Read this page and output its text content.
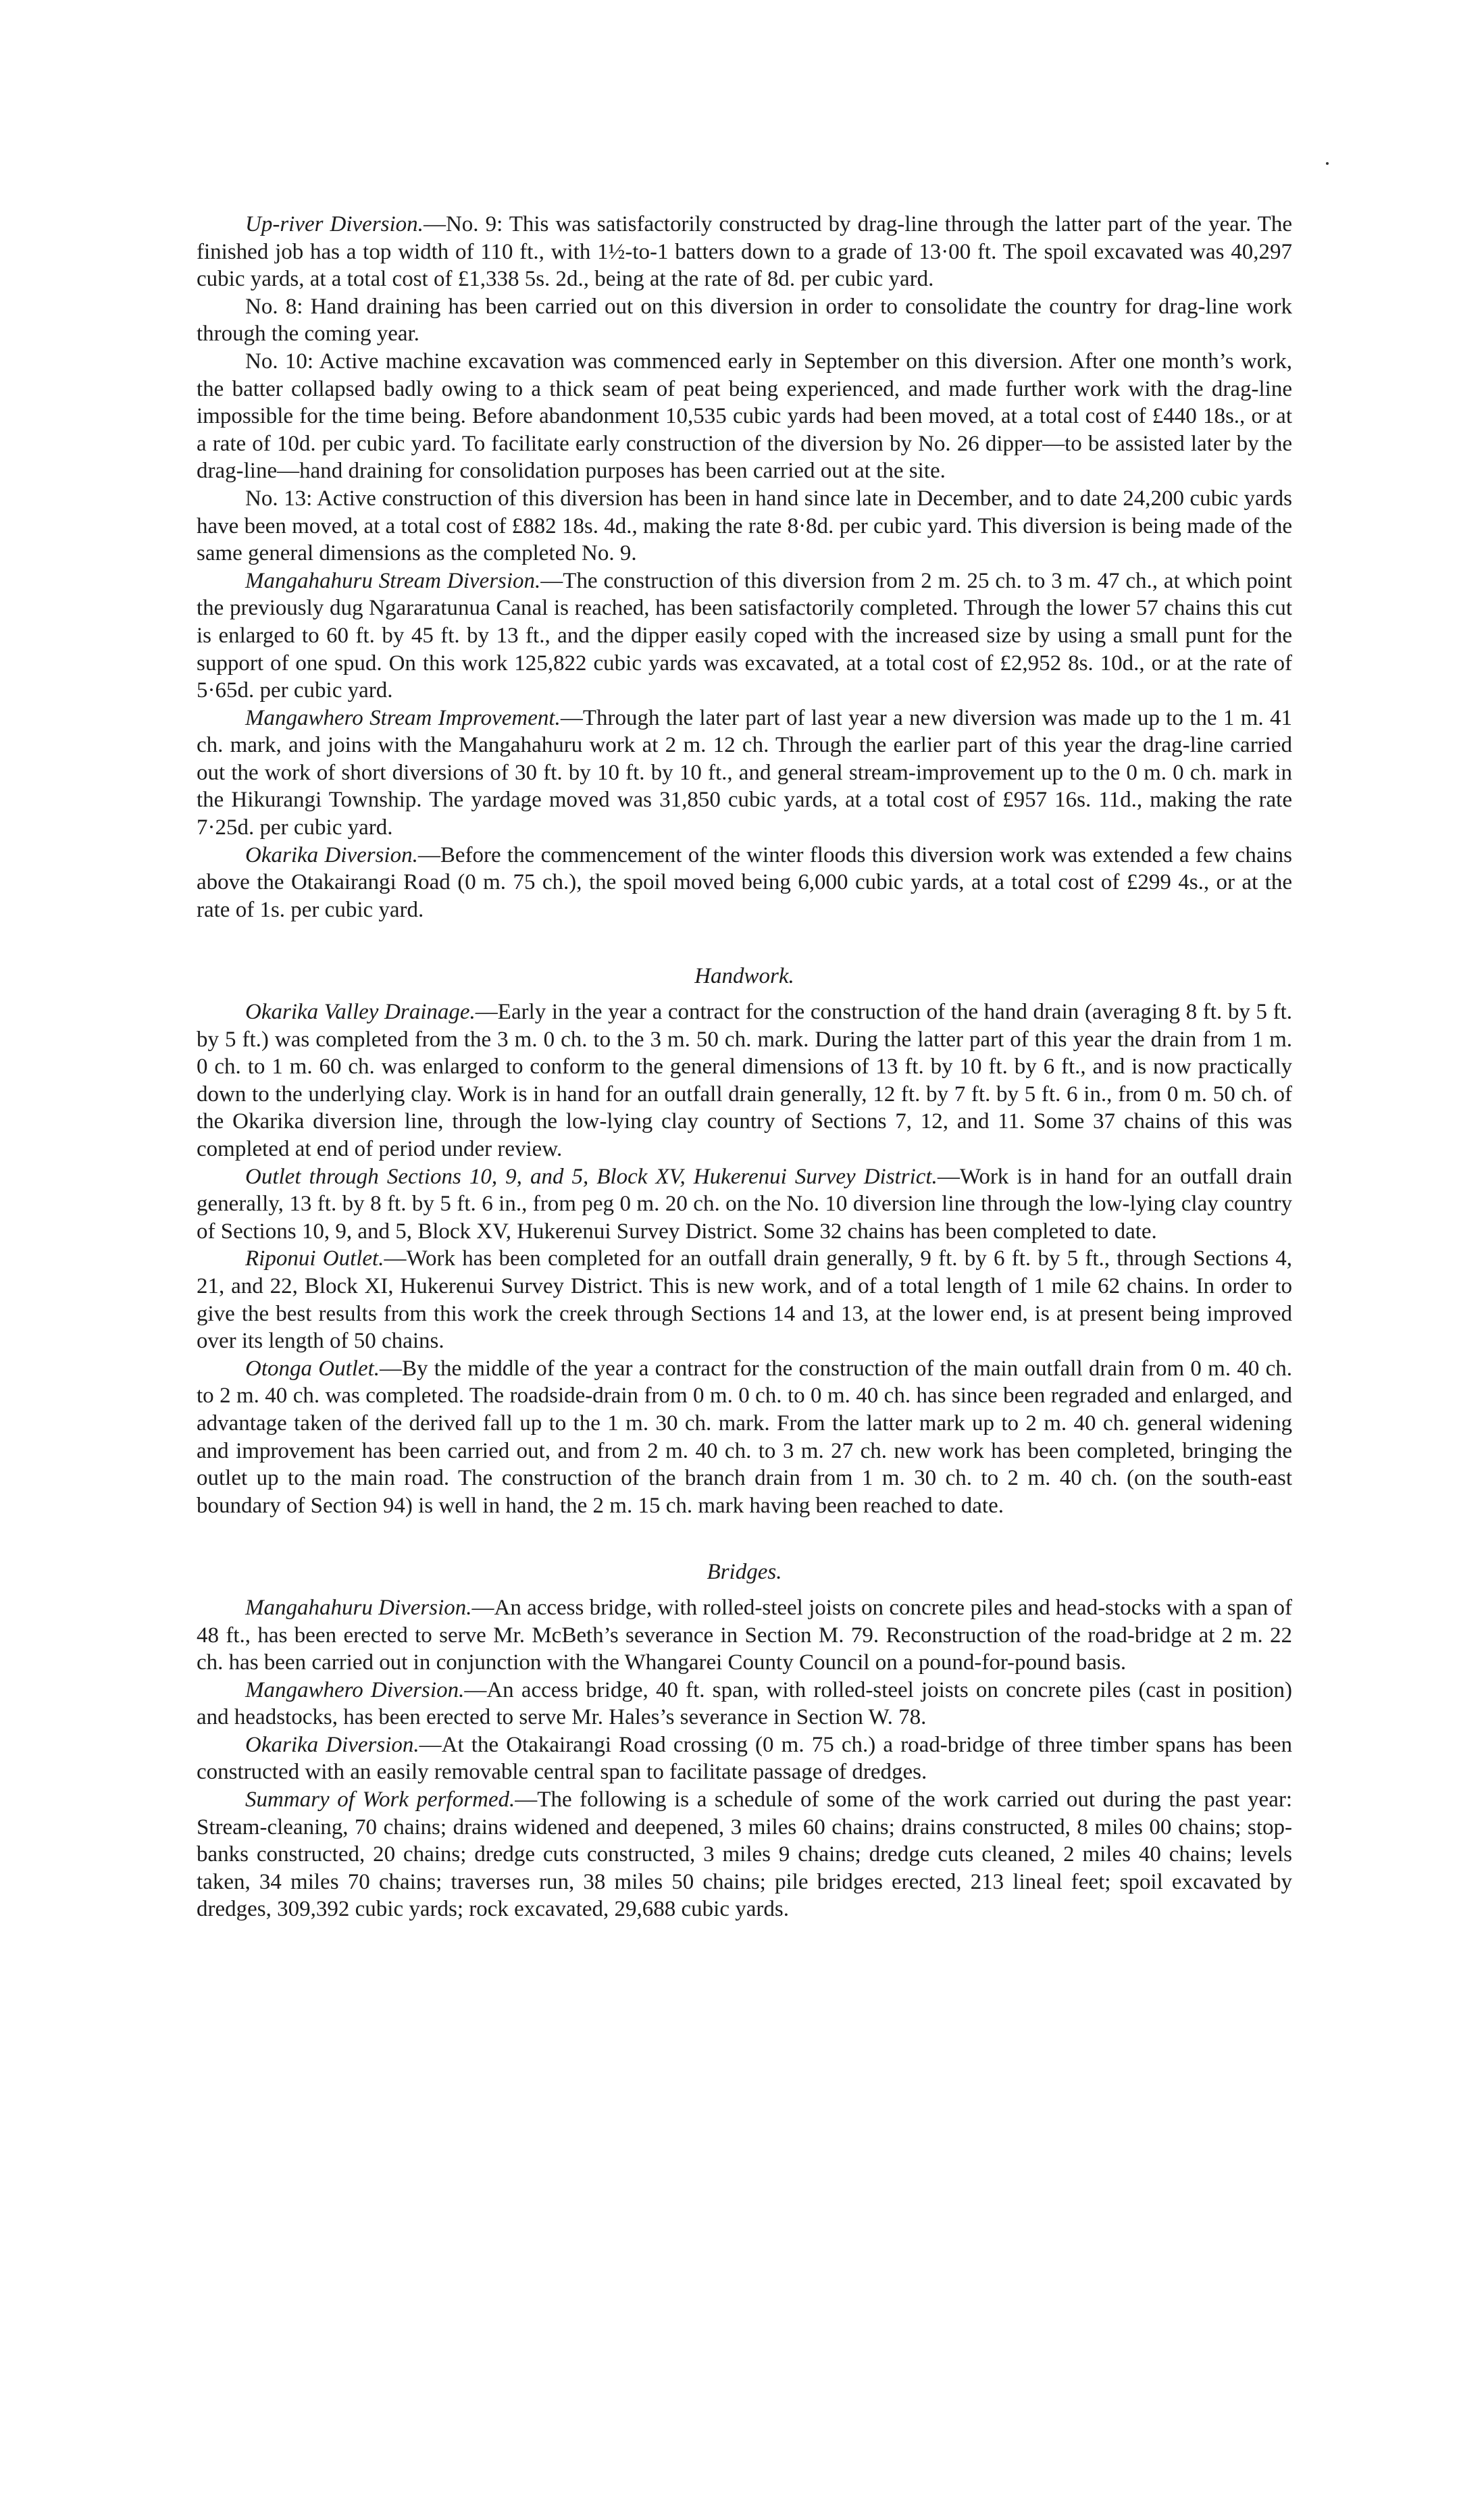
Up-river Diversion.—No. 9: This was satisfactorily constructed by drag-line through the latter part of the year. The finished job has a top width of 110 ft., with 1½-to-1 batters down to a grade of 13·00 ft. The spoil excavated was 40,297 cubic yards, at a total cost of £1,338 5s. 2d., being at the rate of 8d. per cubic yard.

No. 8: Hand draining has been carried out on this diversion in order to consolidate the country for drag-line work through the coming year.

No. 10: Active machine excavation was commenced early in September on this diversion. After one month’s work, the batter collapsed badly owing to a thick seam of peat being experienced, and made further work with the drag-line impossible for the time being. Before abandonment 10,535 cubic yards had been moved, at a total cost of £440 18s., or at a rate of 10d. per cubic yard. To facilitate early construction of the diversion by No. 26 dipper—to be assisted later by the drag-line—hand draining for consolidation purposes has been carried out at the site.

No. 13: Active construction of this diversion has been in hand since late in December, and to date 24,200 cubic yards have been moved, at a total cost of £882 18s. 4d., making the rate 8·8d. per cubic yard. This diversion is being made of the same general dimensions as the completed No. 9.

Mangahahuru Stream Diversion.—The construction of this diversion from 2 m. 25 ch. to 3 m. 47 ch., at which point the previously dug Ngararatunua Canal is reached, has been satisfactorily completed. Through the lower 57 chains this cut is enlarged to 60 ft. by 45 ft. by 13 ft., and the dipper easily coped with the increased size by using a small punt for the support of one spud. On this work 125,822 cubic yards was excavated, at a total cost of £2,952 8s. 10d., or at the rate of 5·65d. per cubic yard.

Mangawhero Stream Improvement.—Through the later part of last year a new diversion was made up to the 1 m. 41 ch. mark, and joins with the Mangahahuru work at 2 m. 12 ch. Through the earlier part of this year the drag-line carried out the work of short diversions of 30 ft. by 10 ft. by 10 ft., and general stream-improvement up to the 0 m. 0 ch. mark in the Hikurangi Township. The yardage moved was 31,850 cubic yards, at a total cost of £957 16s. 11d., making the rate 7·25d. per cubic yard.

Okarika Diversion.—Before the commencement of the winter floods this diversion work was extended a few chains above the Otakairangi Road (0 m. 75 ch.), the spoil moved being 6,000 cubic yards, at a total cost of £299 4s., or at the rate of 1s. per cubic yard.

Handwork.

Okarika Valley Drainage.—Early in the year a contract for the construction of the hand drain (averaging 8 ft. by 5 ft. by 5 ft.) was completed from the 3 m. 0 ch. to the 3 m. 50 ch. mark. During the latter part of this year the drain from 1 m. 0 ch. to 1 m. 60 ch. was enlarged to conform to the general dimensions of 13 ft. by 10 ft. by 6 ft., and is now practically down to the underlying clay. Work is in hand for an outfall drain generally, 12 ft. by 7 ft. by 5 ft. 6 in., from 0 m. 50 ch. of the Okarika diversion line, through the low-lying clay country of Sections 7, 12, and 11. Some 37 chains of this was completed at end of period under review.

Outlet through Sections 10, 9, and 5, Block XV, Hukerenui Survey District.—Work is in hand for an outfall drain generally, 13 ft. by 8 ft. by 5 ft. 6 in., from peg 0 m. 20 ch. on the No. 10 diversion line through the low-lying clay country of Sections 10, 9, and 5, Block XV, Hukerenui Survey District. Some 32 chains has been completed to date.

Riponui Outlet.—Work has been completed for an outfall drain generally, 9 ft. by 6 ft. by 5 ft., through Sections 4, 21, and 22, Block XI, Hukerenui Survey District. This is new work, and of a total length of 1 mile 62 chains. In order to give the best results from this work the creek through Sections 14 and 13, at the lower end, is at present being improved over its length of 50 chains.

Otonga Outlet.—By the middle of the year a contract for the construction of the main outfall drain from 0 m. 40 ch. to 2 m. 40 ch. was completed. The roadside-drain from 0 m. 0 ch. to 0 m. 40 ch. has since been regraded and enlarged, and advantage taken of the derived fall up to the 1 m. 30 ch. mark. From the latter mark up to 2 m. 40 ch. general widening and improvement has been carried out, and from 2 m. 40 ch. to 3 m. 27 ch. new work has been completed, bringing the outlet up to the main road. The construction of the branch drain from 1 m. 30 ch. to 2 m. 40 ch. (on the south-east boundary of Section 94) is well in hand, the 2 m. 15 ch. mark having been reached to date.

Bridges.

Mangahahuru Diversion.—An access bridge, with rolled-steel joists on concrete piles and head-stocks with a span of 48 ft., has been erected to serve Mr. McBeth’s severance in Section M. 79. Reconstruction of the road-bridge at 2 m. 22 ch. has been carried out in conjunction with the Whangarei County Council on a pound-for-pound basis.

Mangawhero Diversion.—An access bridge, 40 ft. span, with rolled-steel joists on concrete piles (cast in position) and headstocks, has been erected to serve Mr. Hales’s severance in Section W. 78.

Okarika Diversion.—At the Otakairangi Road crossing (0 m. 75 ch.) a road-bridge of three timber spans has been constructed with an easily removable central span to facilitate passage of dredges.

Summary of Work performed.—The following is a schedule of some of the work carried out during the past year: Stream-cleaning, 70 chains; drains widened and deepened, 3 miles 60 chains; drains constructed, 8 miles 00 chains; stop-banks constructed, 20 chains; dredge cuts constructed, 3 miles 9 chains; dredge cuts cleaned, 2 miles 40 chains; levels taken, 34 miles 70 chains; traverses run, 38 miles 50 chains; pile bridges erected, 213 lineal feet; spoil excavated by dredges, 309,392 cubic yards; rock excavated, 29,688 cubic yards.
